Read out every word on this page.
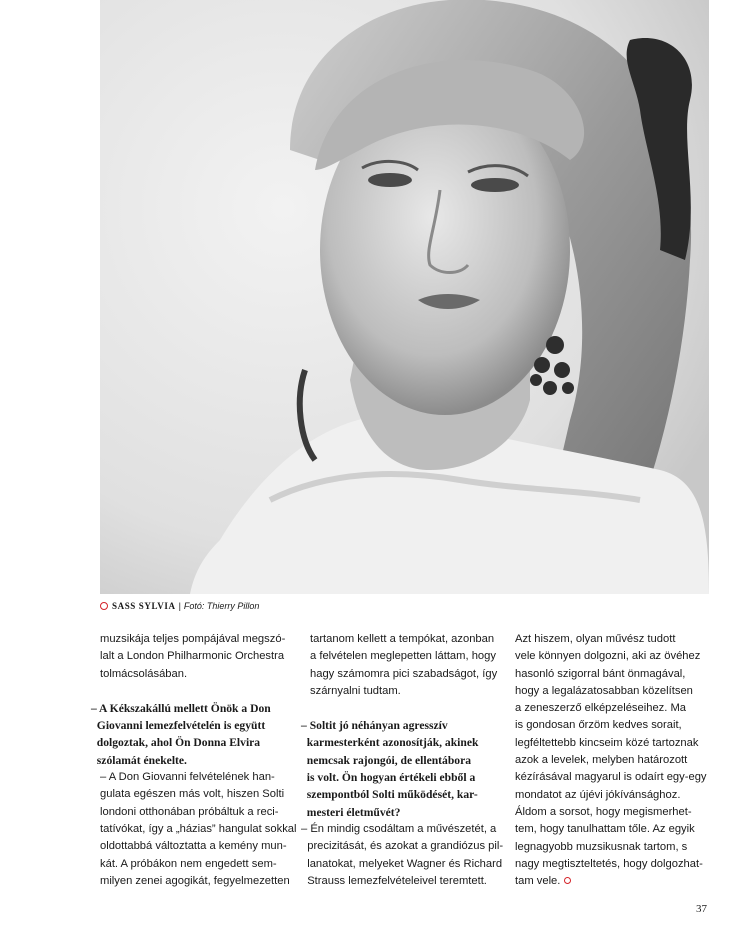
SASS SYLVIA | Fotó: Thierry Pillon

muzsikája teljes pompájával megszó-
lalt a London Philharmonic Orchestra
tolmácsolásában.

– A Kékszakállú mellett Önök a Don
Giovanni lemezfelvételén is együtt
dolgoztak, ahol Ön Donna Elvira
szólamát énekelte.

– A Don Giovanni felvételének han-
gulata egészen más volt, hiszen Solti
londoni otthonában próbáltuk a reci-
tatívókat, így a „házias” hangulat sokkal
oldottabbá változtatta a kemény mun-
kát. A próbákon nem engedett sem-
milyen zenei agogikát, fegyelmezetten

tartanom kellett a tempókat, azonban
a felvételen meglepetten láttam, hogy
hagy számomra pici szabadságot, így
szárnyalni tudtam.

– Soltit jó néhányan agresszív
karmesterként azonosítják, akinek
nemcsak rajongói, de ellentábora
is volt. Ön hogyan értékeli ebből a
szempontból Solti működését, kar-
mesteri életművét?

– Én mindig csodáltam a művészetét, a
precizitását, és azokat a grandiózus pil-
lanatokat, melyeket Wagner és Richard
Strauss lemezfelvételeivel teremtett.

Azt hiszem, olyan művész tudott
vele könnyen dolgozni, aki az övéhez
hasonló szigorral bánt önmagával,
hogy a legalázatosabban közelítsen
a zeneszerző elképzeléseihez. Ma
is gondosan őrzöm kedves sorait,
legféltettebb kincseim közé tartoznak
azok a levelek, melyben határozott
kézírásával magyarul is odaírt egy-egy
mondatot az újévi jókívánsághoz.
Áldom a sorsot, hogy megismerhet-
tem, hogy tanulhattam tőle. Az egyik
legnagyobb muzsikusnak tartom, s
nagy megtiszteltetés, hogy dolgozhat-
tam vele.

37
